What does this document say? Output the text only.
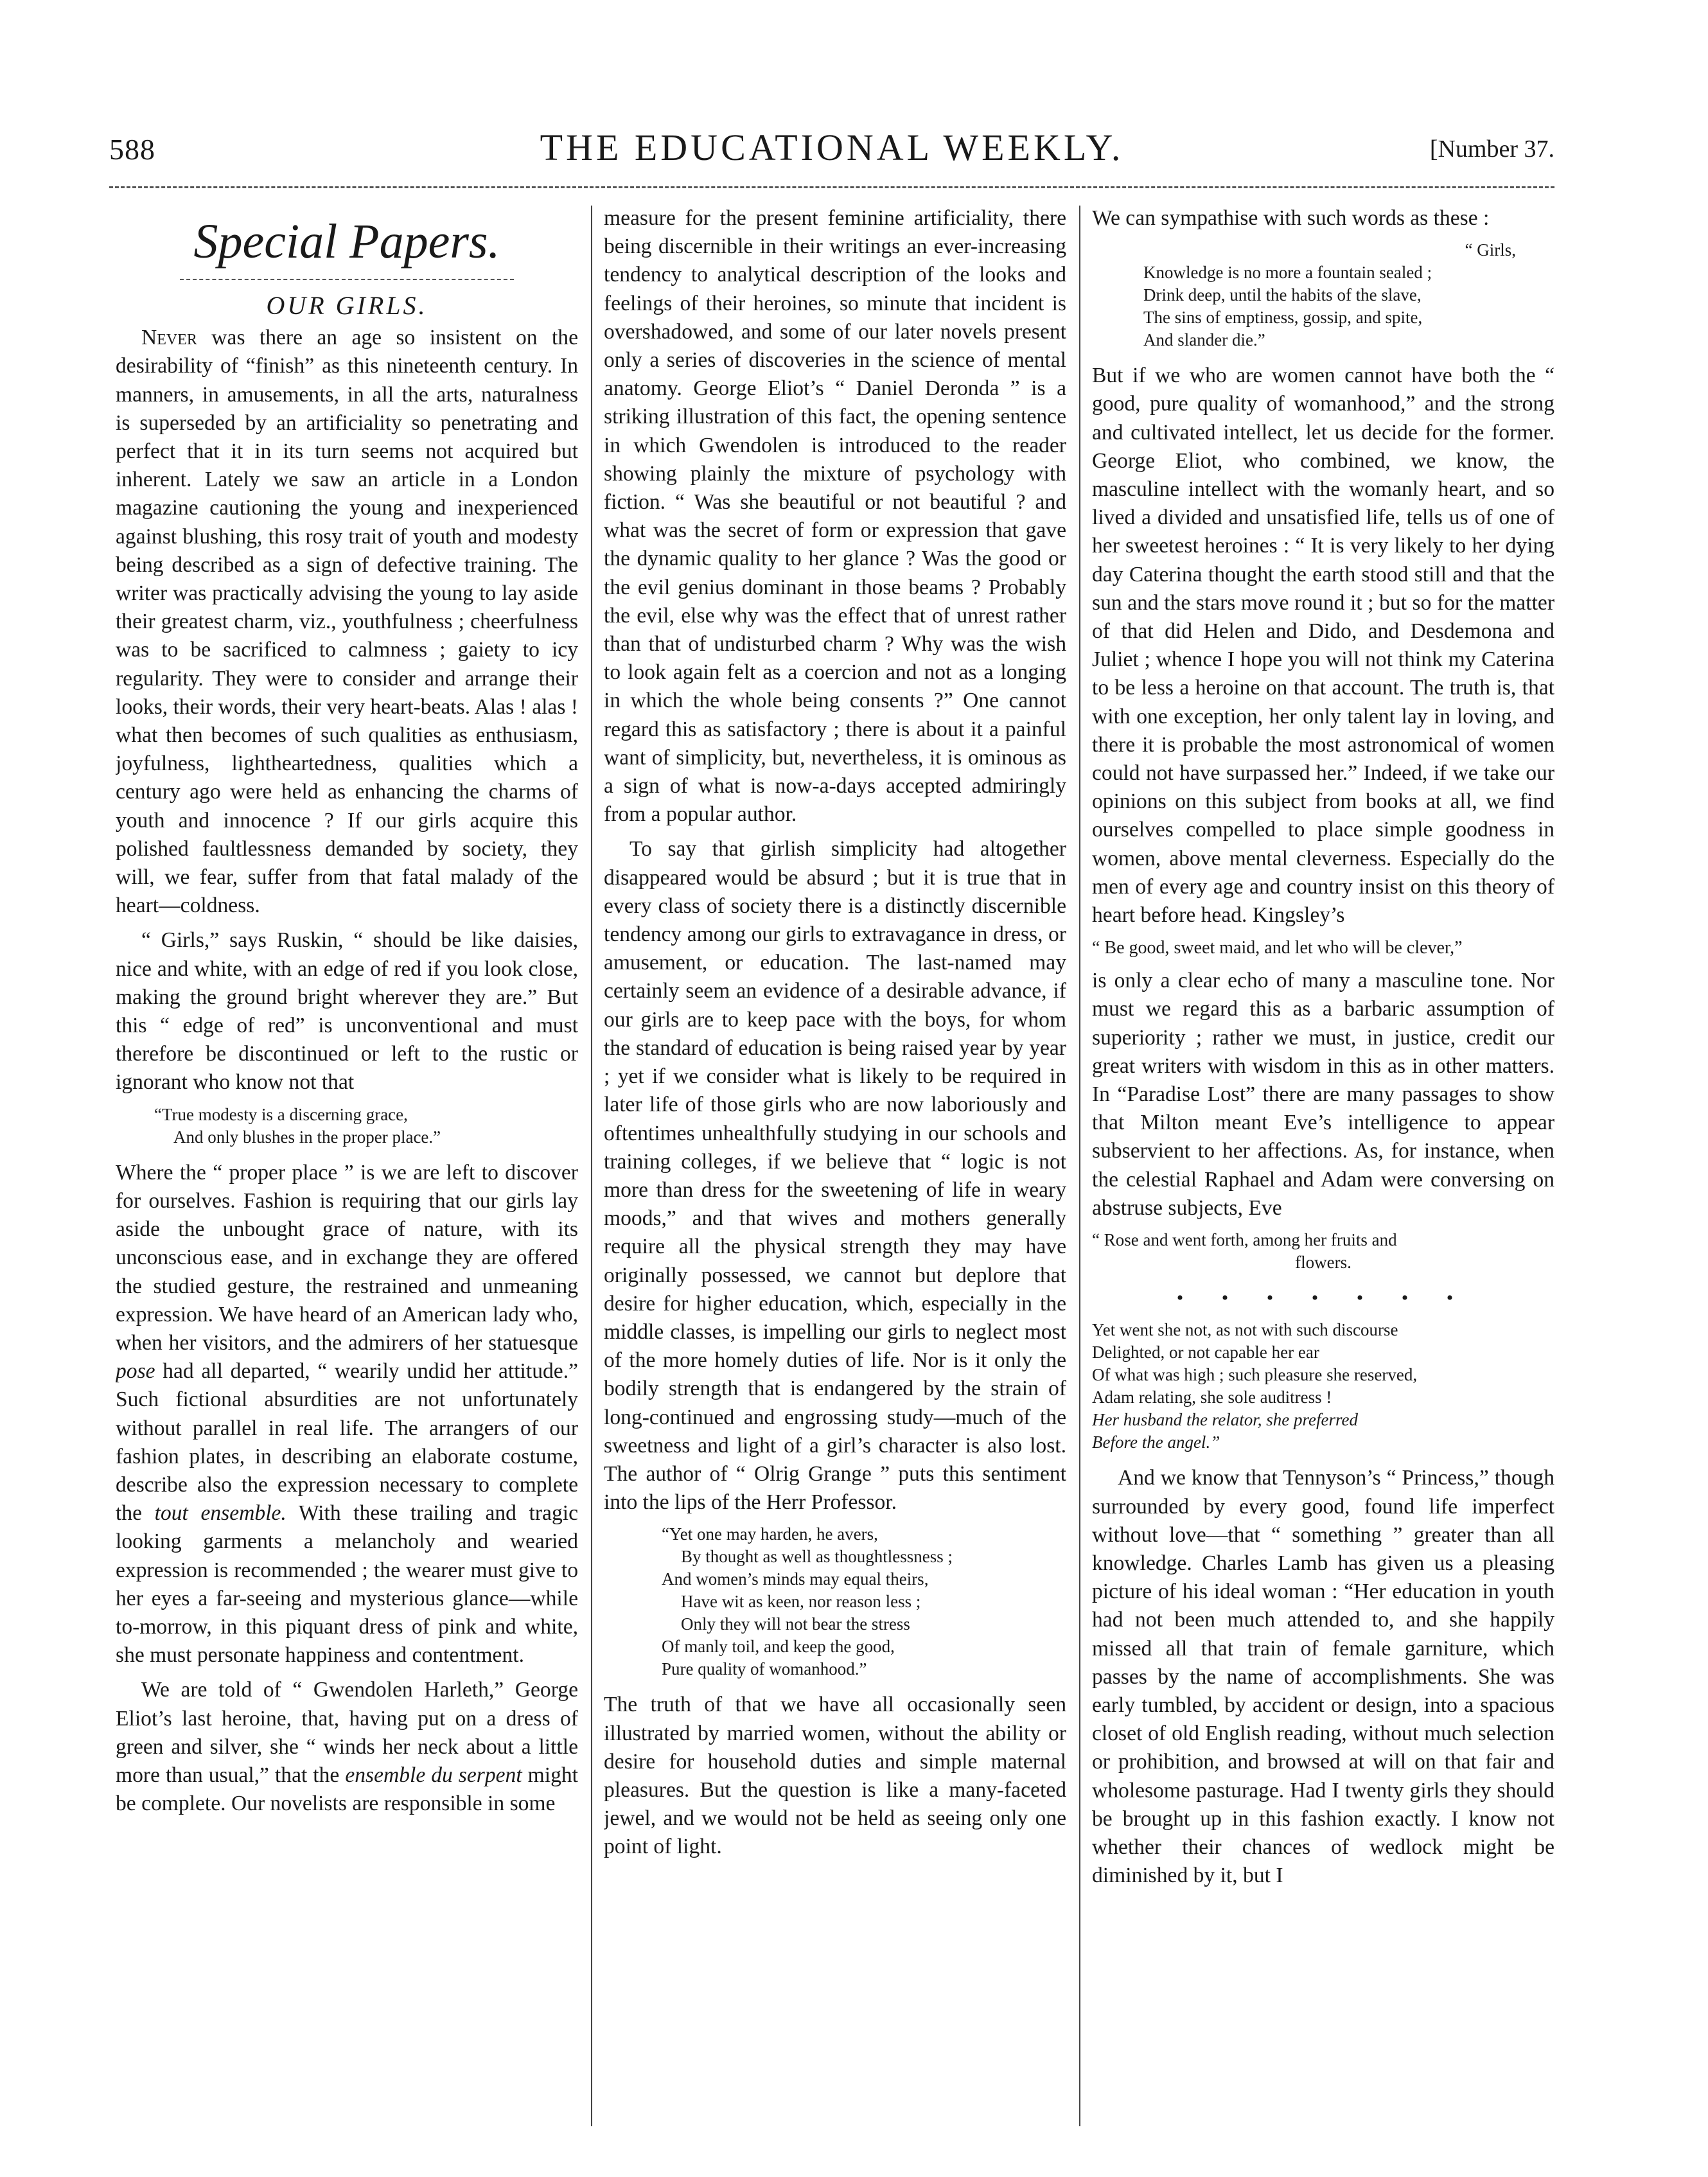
588	THE EDUCATIONAL WEEKLY.	[Number 37.
Special Papers.
OUR GIRLS.

Never was there an age so insistent on the desirability of “finish” as this nineteenth century. In manners, in amusements, in all the arts, naturalness is superseded by an artificiality so penetrating and perfect that it in its turn seems not acquired but inherent. Lately we saw an article in a London magazine cautioning the young and inexperienced against blushing, this rosy trait of youth and modesty being described as a sign of defective training. The writer was practically advising the young to lay aside their greatest charm, viz., youthfulness ; cheerfulness was to be sacrificed to calmness ; gaiety to icy regularity. They were to consider and arrange their looks, their words, their very heart-beats. Alas ! alas ! what then becomes of such qualities as enthusiasm, joyfulness, lightheartedness, qualities which a century ago were held as enhancing the charms of youth and innocence ? If our girls acquire this polished faultlessness demanded by society, they will, we fear, suffer from that fatal malady of the heart—coldness.

“ Girls,” says Ruskin, “ should be like daisies, nice and white, with an edge of red if you look close, making the ground bright wherever they are.” But this “ edge of red” is unconventional and must therefore be discontinued or left to the rustic or ignorant who know not that

“True modesty is a discerning grace,
And only blushes in the proper place.”

Where the “ proper place ” is we are left to discover for ourselves. Fashion is requiring that our girls lay aside the unbought grace of nature, with its unconscious ease, and in exchange they are offered the studied gesture, the restrained and unmeaning expression. We have heard of an American lady who, when her visitors, and the admirers of her statuesque pose had all departed, “ wearily undid her attitude.” Such fictional absurdities are not unfortunately without parallel in real life. The arrangers of our fashion plates, in describing an elaborate costume, describe also the expression necessary to complete the tout ensemble. With these trailing and tragic looking garments a melancholy and wearied expression is recommended ; the wearer must give to her eyes a far-seeing and mysterious glance—while to-morrow, in this piquant dress of pink and white, she must personate happiness and contentment.

We are told of “ Gwendolen Harleth,” George Eliot’s last heroine, that, having put on a dress of green and silver, she “ winds her neck about a little more than usual,” that the ensemble du serpent might be complete. Our novelists are responsible in some

measure for the present feminine artificiality, there being discernible in their writings an ever-increasing tendency to analytical description of the looks and feelings of their heroines, so minute that incident is overshadowed, and some of our later novels present only a series of discoveries in the science of mental anatomy. George Eliot’s “ Daniel Deronda ” is a striking illustration of this fact, the opening sentence in which Gwendolen is introduced to the reader showing plainly the mixture of psychology with fiction. “ Was she beautiful or not beautiful ? and what was the secret of form or expression that gave the dynamic quality to her glance ? Was the good or the evil genius dominant in those beams ? Probably the evil, else why was the effect that of unrest rather than that of undisturbed charm ? Why was the wish to look again felt as a coercion and not as a longing in which the whole being consents ?” One cannot regard this as satisfactory ; there is about it a painful want of simplicity, but, nevertheless, it is ominous as a sign of what is now-a-days accepted admiringly from a popular author.

To say that girlish simplicity had altogether disappeared would be absurd ; but it is true that in every class of society there is a distinctly discernible tendency among our girls to extravagance in dress, or amusement, or education. The last-named may certainly seem an evidence of a desirable advance, if our girls are to keep pace with the boys, for whom the standard of education is being raised year by year ; yet if we consider what is likely to be required in later life of those girls who are now laboriously and oftentimes unhealthfully studying in our schools and training colleges, if we believe that “ logic is not more than dress for the sweetening of life in weary moods,” and that wives and mothers generally require all the physical strength they may have originally possessed, we cannot but deplore that desire for higher education, which, especially in the middle classes, is impelling our girls to neglect most of the more homely duties of life. Nor is it only the bodily strength that is endangered by the strain of long-continued and engrossing study—much of the sweetness and light of a girl’s character is also lost. The author of “ Olrig Grange ” puts this sentiment into the lips of the Herr Professor.

“Yet one may harden, he avers,
By thought as well as thoughtlessness ;
And women’s minds may equal theirs,
Have wit as keen, nor reason less ;
Only they will not bear the stress
Of manly toil, and keep the good,
Pure quality of womanhood.”

The truth of that we have all occasionally seen illustrated by married women, without the ability or desire for household duties and simple maternal pleasures. But the question is like a many-faceted jewel, and we would not be held as seeing only one point of light.

We can sympathise with such words as these :

“ Girls,
Knowledge is no more a fountain sealed ;
Drink deep, until the habits of the slave,
The sins of emptiness, gossip, and spite,
And slander die.”

But if we who are women cannot have both the “ good, pure quality of womanhood,” and the strong and cultivated intellect, let us decide for the former. George Eliot, who combined, we know, the masculine intellect with the womanly heart, and so lived a divided and unsatisfied life, tells us of one of her sweetest heroines : “ It is very likely to her dying day Caterina thought the earth stood still and that the sun and the stars move round it ; but so for the matter of that did Helen and Dido, and Desdemona and Juliet ; whence I hope you will not think my Caterina to be less a heroine on that account. The truth is, that with one exception, her only talent lay in loving, and there it is probable the most astronomical of women could not have surpassed her.” Indeed, if we take our opinions on this subject from books at all, we find ourselves compelled to place simple goodness in women, above mental cleverness. Especially do the men of every age and country insist on this theory of heart before head. Kingsley’s

“ Be good, sweet maid, and let who will be clever,”

is only a clear echo of many a masculine tone. Nor must we regard this as a barbaric assumption of superiority ; rather we must, in justice, credit our great writers with wisdom in this as in other matters. In “Paradise Lost” there are many passages to show that Milton meant Eve’s intelligence to appear subservient to her affections. As, for instance, when the celestial Raphael and Adam were conversing on abstruse subjects, Eve

“ Rose and went forth, among her fruits and
flowers.
• • • • • • •
Yet went she not, as not with such discourse
Delighted, or not capable her ear
Of what was high ; such pleasure she reserved,
Adam relating, she sole auditress !
Her husband the relator, she preferred
Before the angel.”

And we know that Tennyson’s “ Princess,” though surrounded by every good, found life imperfect without love—that “ something ” greater than all knowledge. Charles Lamb has given us a pleasing picture of his ideal woman : “Her education in youth had not been much attended to, and she happily missed all that train of female garniture, which passes by the name of accomplishments. She was early tumbled, by accident or design, into a spacious closet of old English reading, without much selection or prohibition, and browsed at will on that fair and wholesome pasturage. Had I twenty girls they should be brought up in this fashion exactly. I know not whether their chances of wedlock might be diminished by it, but I
